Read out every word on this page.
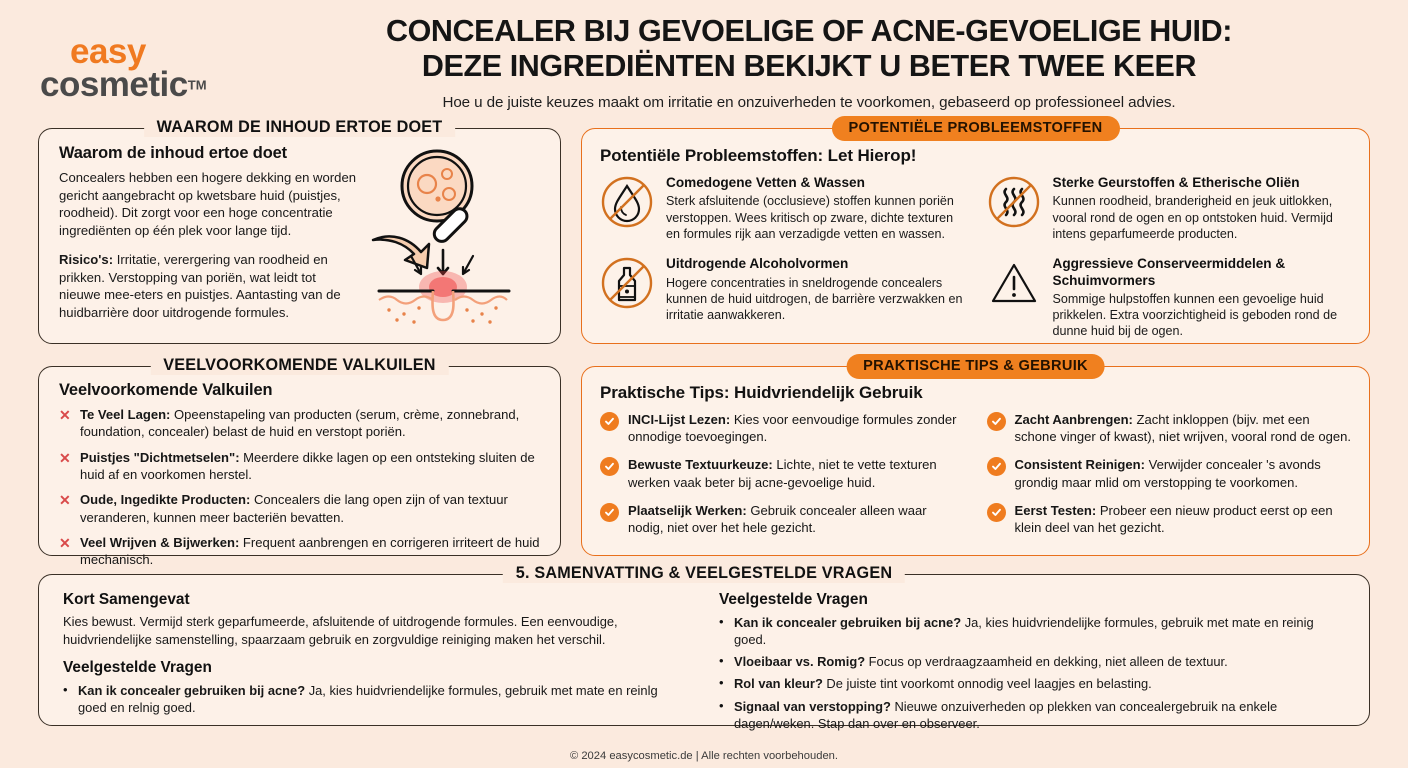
easy
cosmetic™
CONCEALER BIJ GEVOELIGE OF ACNE-GEVOELIGE HUID:
DEZE INGREDIËNTEN BEKIJKT U BETER TWEE KEER
Hoe u de juiste keuzes maakt om irritatie en onzuiverheden te voorkomen, gebaseerd op professioneel advies.
WAAROM DE INHOUD ERTOE DOET
Waarom de inhoud ertoe doet
Concealers hebben een hogere dekking en worden gericht aangebracht op kwetsbare huid (puistjes, roodheid). Dit zorgt voor een hoge concentratie ingrediënten op één plek voor lange tijd.
Risico's: Irritatie, verergering van roodheid en prikken. Verstopping van poriën, wat leidt tot nieuwe mee-eters en puistjes. Aantasting van de huidbarrière door uitdrogende formules.
VEELVOORKOMENDE VALKUILEN
Veelvoorkomende Valkuilen
✕ Te Veel Lagen: Opeenstapeling van producten (serum, crème, zonnebrand, foundation, concealer) belast de huid en verstopt poriën.
✕ Puistjes "Dichtmetselen": Meerdere dikke lagen op een ontsteking sluiten de huid af en voorkomen herstel.
✕ Oude, Ingedikte Producten: Concealers die lang open zijn of van textuur veranderen, kunnen meer bacteriën bevatten.
✕ Veel Wrijven & Bijwerken: Frequent aanbrengen en corrigeren irriteert de huid mechanisch.
POTENTIËLE PROBLEEMSTOFFEN
Potentiële Probleemstoffen: Let Hierop!
Comedogene Vetten & Wassen
Sterk afsluitende (occlusieve) stoffen kunnen poriën verstoppen. Wees kritisch op zware, dichte texturen en formules rijk aan verzadigde vetten en wassen.
Uitdrogende Alcoholvormen
Hogere concentraties in sneldrogende concealers kunnen de huid uitdrogen, de barrière verzwakken en irritatie aanwakkeren.
Sterke Geurstoffen & Etherische Oliën
Kunnen roodheid, branderigheid en jeuk uitlokken, vooral rond de ogen en op ontstoken huid. Vermijd intens geparfumeerde producten.
Aggressieve Conserveermiddelen & Schuimvormers
Sommige hulpstoffen kunnen een gevoelige huid prikkelen. Extra voorzichtigheid is geboden rond de dunne huid bij de ogen.
PRAKTISCHE TIPS & GEBRUIK
Praktische Tips: Huidvriendelijk Gebruik
INCI-Lijst Lezen: Kies voor eenvoudige formules zonder onnodige toevoegingen.
Bewuste Textuurkeuze: Lichte, niet te vette texturen werken vaak beter bij acne-gevoelige huid.
Plaatselijk Werken: Gebruik concealer alleen waar nodig, niet over het hele gezicht.
Zacht Aanbrengen: Zacht inkloppen (bijv. met een schone vinger of kwast), niet wrijven, vooral rond de ogen.
Consistent Reinigen: Verwijder concealer 's avonds grondig maar mlid om verstopping te voorkomen.
Eerst Testen: Probeer een nieuw product eerst op een klein deel van het gezicht.
5. SAMENVATTING & VEELGESTELDE VRAGEN
Kort Samengevat
Kies bewust. Vermijd sterk geparfumeerde, afsluitende of uitdrogende formules. Een eenvoudige, huidvriendelijke samenstelling, spaarzaam gebruik en zorgvuldige reiniging maken het verschil.
Veelgestelde Vragen
• Kan ik concealer gebruiken bij acne? Ja, kies huidvriendelijke formules, gebruik met mate en reinlg goed en relnig goed.
Veelgestelde Vragen
• Kan ik concealer gebruiken bij acne? Ja, kies huidvriendelijke formules, gebruik met mate en reinig goed.
• Vloeibaar vs. Romig? Focus op verdraagzaamheid en dekking, niet alleen de textuur.
• Rol van kleur? De juiste tint voorkomt onnodig veel laagjes en belasting.
• Signaal van verstopping? Nieuwe onzuiverheden op plekken van concealergebruik na enkele dagen/weken. Stap dan over en observeer.
© 2024 easycosmetic.de | Alle rechten voorbehouden.
